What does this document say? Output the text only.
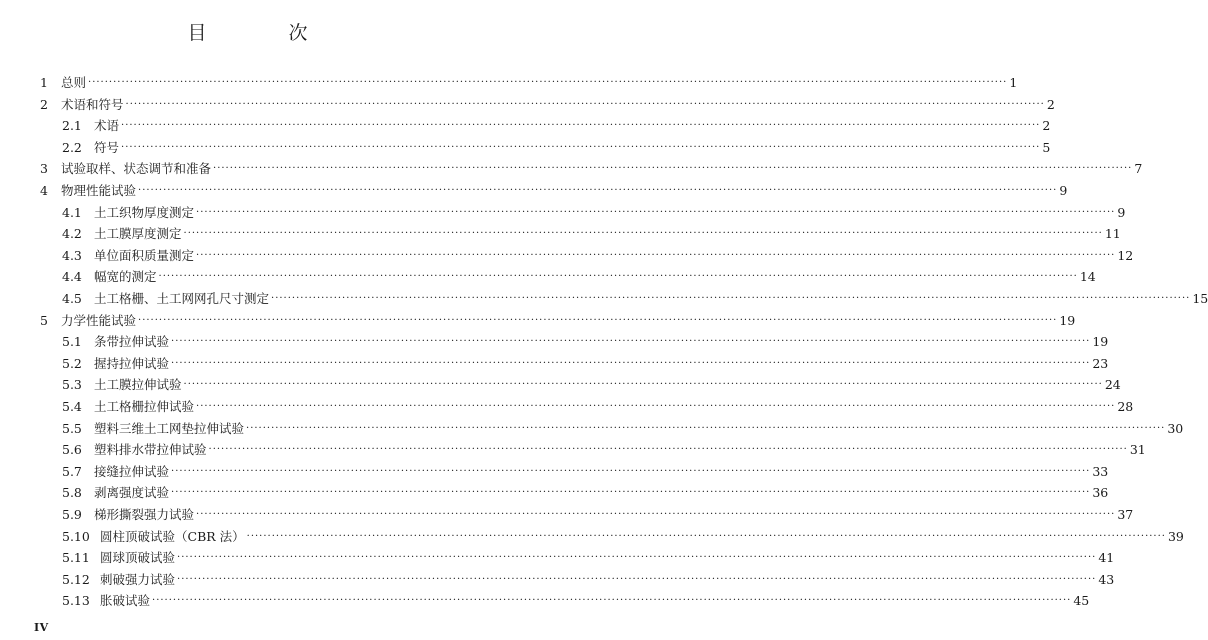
目 次
1 总则 ···························································································································································································································· 1
2 术语和符号 ···························································································································································································································· 2
2.1 术语 ···························································································································································································································· 2
2.2 符号 ···························································································································································································································· 5
3 试验取样、状态调节和准备 ···························································································································································································································· 7
4 物理性能试验 ···························································································································································································································· 9
4.1 土工织物厚度测定 ···························································································································································································································· 9
4.2 土工膜厚度测定 ···························································································································································································································· 11
4.3 单位面积质量测定 ···························································································································································································································· 12
4.4 幅宽的测定 ···························································································································································································································· 14
4.5 土工格栅、土工网网孔尺寸测定 ···························································································································································································································· 15
5 力学性能试验 ···························································································································································································································· 19
5.1 条带拉伸试验 ···························································································································································································································· 19
5.2 握持拉伸试验 ···························································································································································································································· 23
5.3 土工膜拉伸试验 ···························································································································································································································· 24
5.4 土工格栅拉伸试验 ···························································································································································································································· 28
5.5 塑料三维土工网垫拉伸试验 ···························································································································································································································· 30
5.6 塑料排水带拉伸试验 ···························································································································································································································· 31
5.7 接缝拉伸试验 ···························································································································································································································· 33
5.8 剥离强度试验 ···························································································································································································································· 36
5.9 梯形撕裂强力试验 ···························································································································································································································· 37
5.10 圆柱顶破试验（CBR 法） ···························································································································································································································· 39
5.11 圆球顶破试验 ···························································································································································································································· 41
5.12 刺破强力试验 ···························································································································································································································· 43
5.13 胀破试验 ···························································································································································································································· 45
IV
